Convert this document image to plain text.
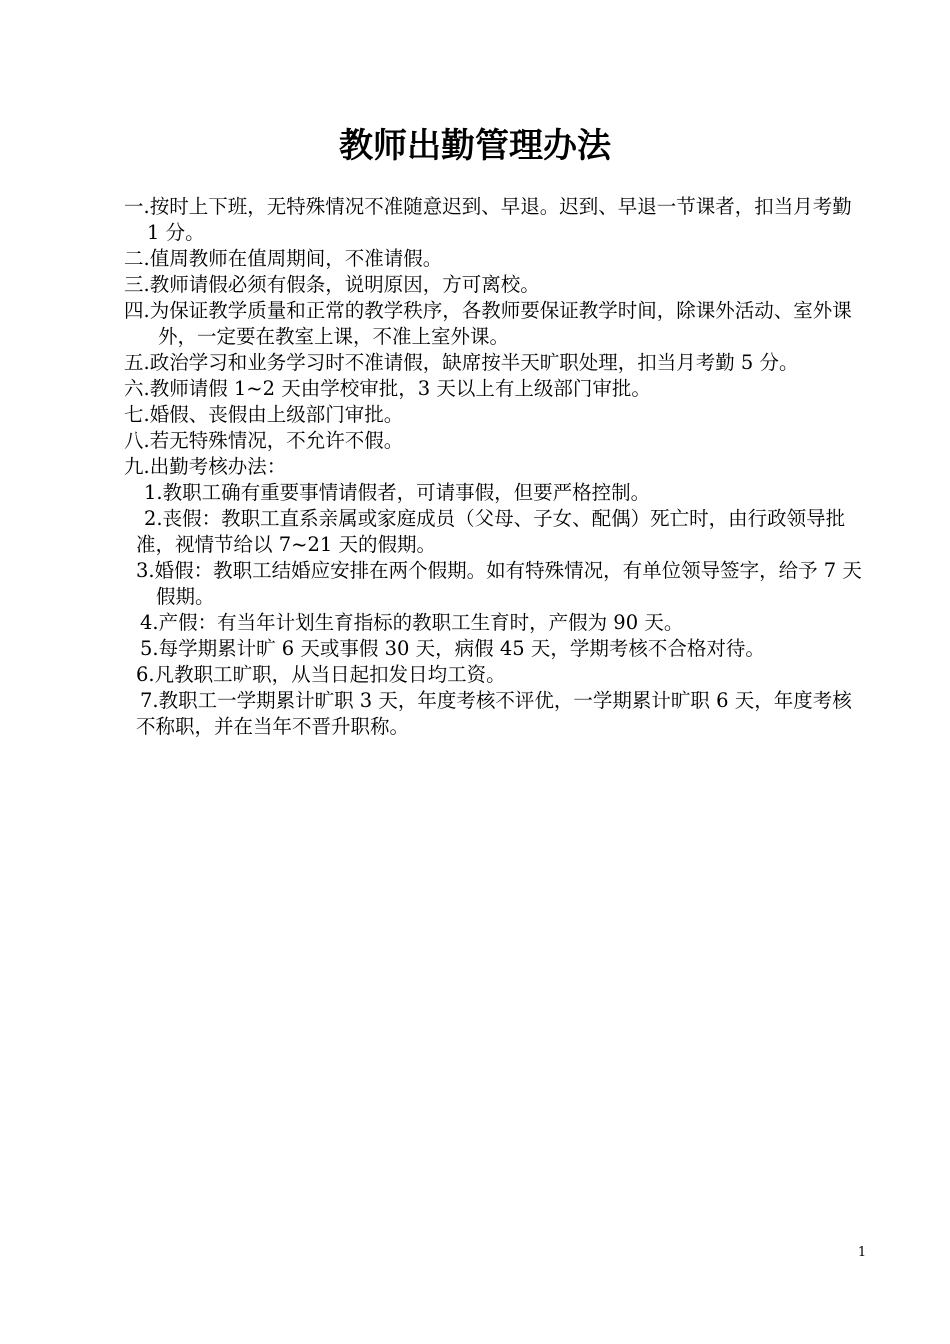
教师出勤管理办法

一.按时上下班，无特殊情况不准随意迟到、早退。迟到、早退一节课者，扣当月考勤 1 分。

二.值周教师在值周期间，不准请假。

三.教师请假必须有假条，说明原因，方可离校。

四.为保证教学质量和正常的教学秩序，各教师要保证教学时间，除课外活动、室外课外，一定要在教室上课，不准上室外课。

五.政治学习和业务学习时不准请假，缺席按半天旷职处理，扣当月考勤 5 分。

六.教师请假 1~2 天由学校审批，3 天以上有上级部门审批。

七.婚假、丧假由上级部门审批。

八.若无特殊情况，不允许不假。

九.出勤考核办法：

1.教职工确有重要事情请假者，可请事假，但要严格控制。

2.丧假：教职工直系亲属或家庭成员（父母、子女、配偶）死亡时，由行政领导批准，视情节给以 7~21 天的假期。

3.婚假：教职工结婚应安排在两个假期。如有特殊情况，有单位领导签字，给予 7 天假期。

4.产假：有当年计划生育指标的教职工生育时，产假为 90 天。

5.每学期累计旷 6 天或事假 30 天，病假 45 天，学期考核不合格对待。

6.凡教职工旷职，从当日起扣发日均工资。

7.教职工一学期累计旷职 3 天，年度考核不评优，一学期累计旷职 6 天，年度考核不称职，并在当年不晋升职称。

1
